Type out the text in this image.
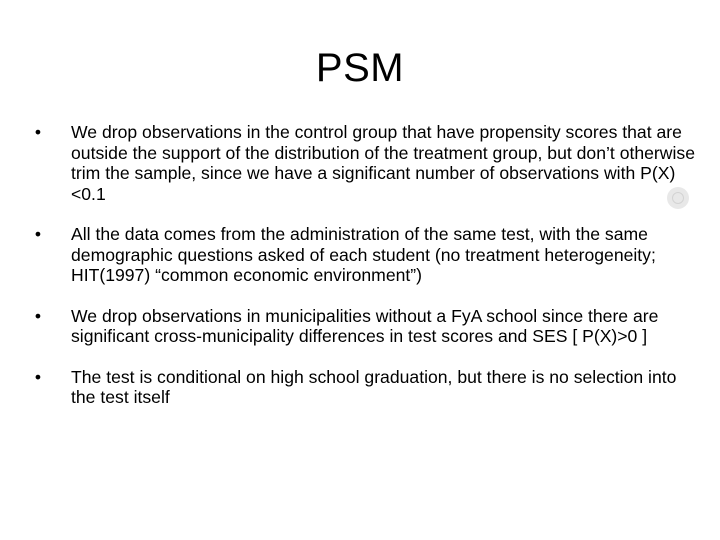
PSM
• We drop observations in the control group that have propensity scores that are outside the support of the distribution of the treatment group, but don’t otherwise trim the sample, since we have a significant number of observations with P(X)<0.1
• All the data comes from the administration of the same test, with the same demographic questions asked of each student (no treatment heterogeneity; HIT(1997) “common economic environment”)
• We drop observations in municipalities without a FyA school since there are significant cross-municipality differences in test scores and SES [ P(X)>0 ]
• The test is conditional on high school graduation, but there is no selection into the test itself
